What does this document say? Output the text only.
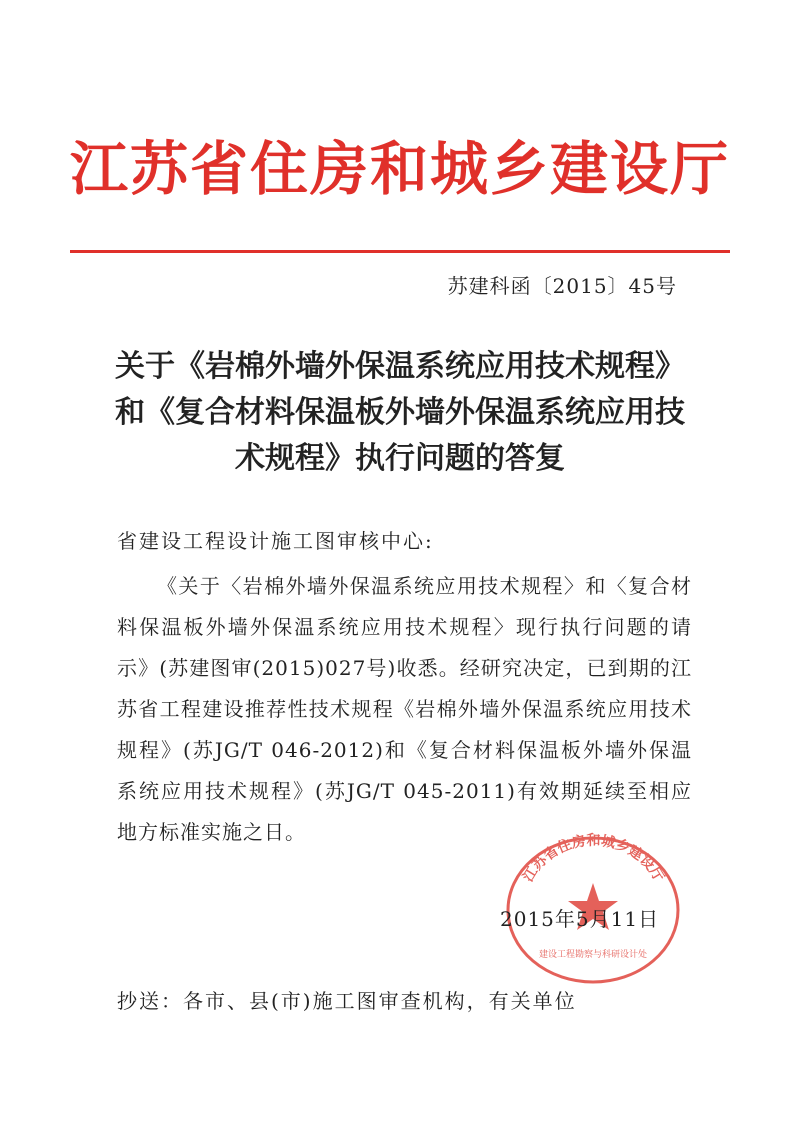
江苏省住房和城乡建设厅
苏建科函〔2015〕45号
关于《岩棉外墙外保温系统应用技术规程》
和《复合材料保温板外墙外保温系统应用技
术规程》执行问题的答复
省建设工程设计施工图审核中心:
《关于〈岩棉外墙外保温系统应用技术规程〉和〈复合材料保温板外墙外保温系统应用技术规程〉现行执行问题的请示》(苏建图审(2015)027号)收悉。经研究决定，已到期的江苏省工程建设推荐性技术规程《岩棉外墙外保温系统应用技术规程》(苏JG/T 046-2012)和《复合材料保温板外墙外保温系统应用技术规程》(苏JG/T 045-2011)有效期延续至相应地方标准实施之日。
江苏省住房和城乡建设厅
建设工程勘察与科研设计处
2015年5月11日
抄送：各市、县(市)施工图审查机构，有关单位
